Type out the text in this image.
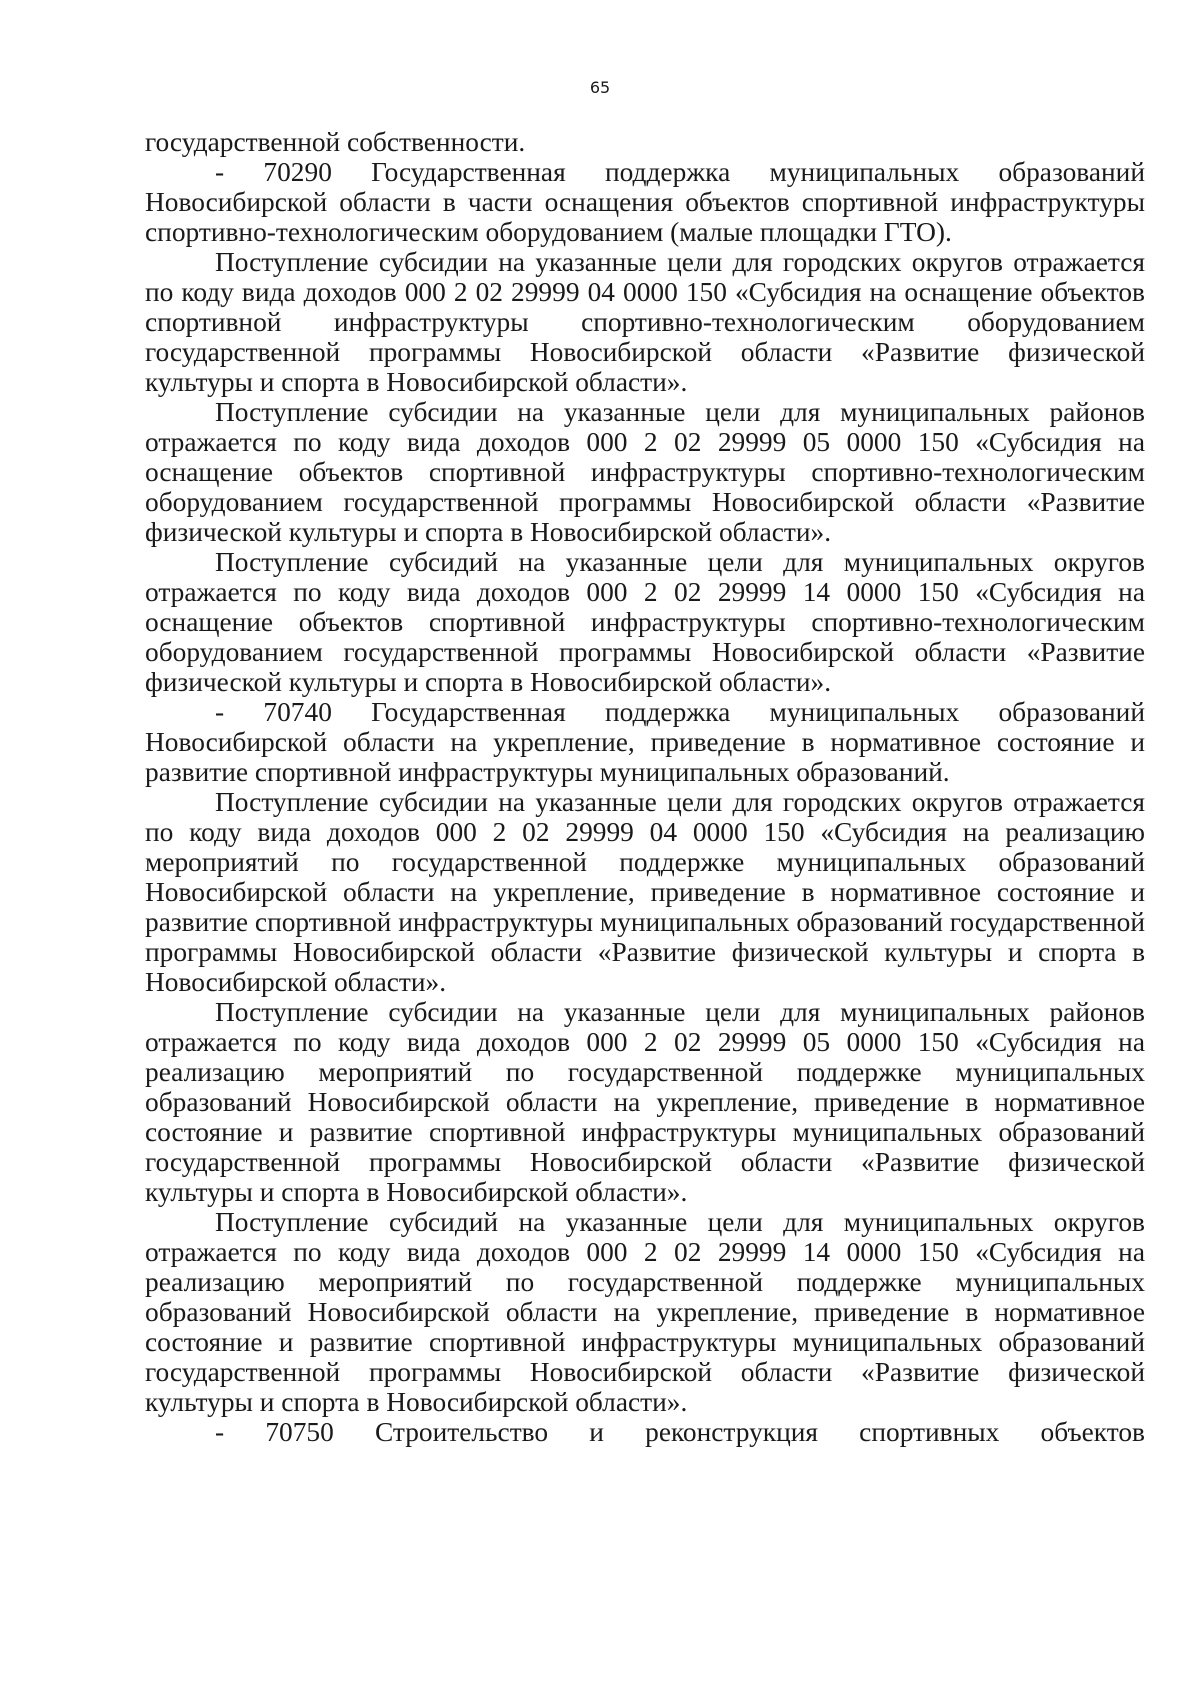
65

государственной собственности.

- 70290 Государственная поддержка муниципальных образований Новосибирской области в части оснащения объектов спортивной инфраструктуры спортивно-технологическим оборудованием (малые площадки ГТО).

Поступление субсидии на указанные цели для городских округов отражается по коду вида доходов 000 2 02 29999 04 0000 150 «Субсидия на оснащение объектов спортивной инфраструктуры спортивно-технологическим оборудованием государственной программы Новосибирской области «Развитие физической культуры и спорта в Новосибирской области».

Поступление субсидии на указанные цели для муниципальных районов отражается по коду вида доходов 000 2 02 29999 05 0000 150 «Субсидия на оснащение объектов спортивной инфраструктуры спортивно-технологическим оборудованием государственной программы Новосибирской области «Развитие физической культуры и спорта в Новосибирской области».

Поступление субсидий на указанные цели для муниципальных округов отражается по коду вида доходов 000 2 02 29999 14 0000 150 «Субсидия на оснащение объектов спортивной инфраструктуры спортивно-технологическим оборудованием государственной программы Новосибирской области «Развитие физической культуры и спорта в Новосибирской области».

- 70740 Государственная поддержка муниципальных образований Новосибирской области на укрепление, приведение в нормативное состояние и развитие спортивной инфраструктуры муниципальных образований.

Поступление субсидии на указанные цели для городских округов отражается по коду вида доходов 000 2 02 29999 04 0000 150 «Субсидия на реализацию мероприятий по государственной поддержке муниципальных образований Новосибирской области на укрепление, приведение в нормативное состояние и развитие спортивной инфраструктуры муниципальных образований государственной программы Новосибирской области «Развитие физической культуры и спорта в Новосибирской области».

Поступление субсидии на указанные цели для муниципальных районов отражается по коду вида доходов 000 2 02 29999 05 0000 150 «Субсидия на реализацию мероприятий по государственной поддержке муниципальных образований Новосибирской области на укрепление, приведение в нормативное состояние и развитие спортивной инфраструктуры муниципальных образований государственной программы Новосибирской области «Развитие физической культуры и спорта в Новосибирской области».

Поступление субсидий на указанные цели для муниципальных округов отражается по коду вида доходов 000 2 02 29999 14 0000 150 «Субсидия на реализацию мероприятий по государственной поддержке муниципальных образований Новосибирской области на укрепление, приведение в нормативное состояние и развитие спортивной инфраструктуры муниципальных образований государственной программы Новосибирской области «Развитие физической культуры и спорта в Новосибирской области».

- 70750 Строительство и реконструкция спортивных объектов
